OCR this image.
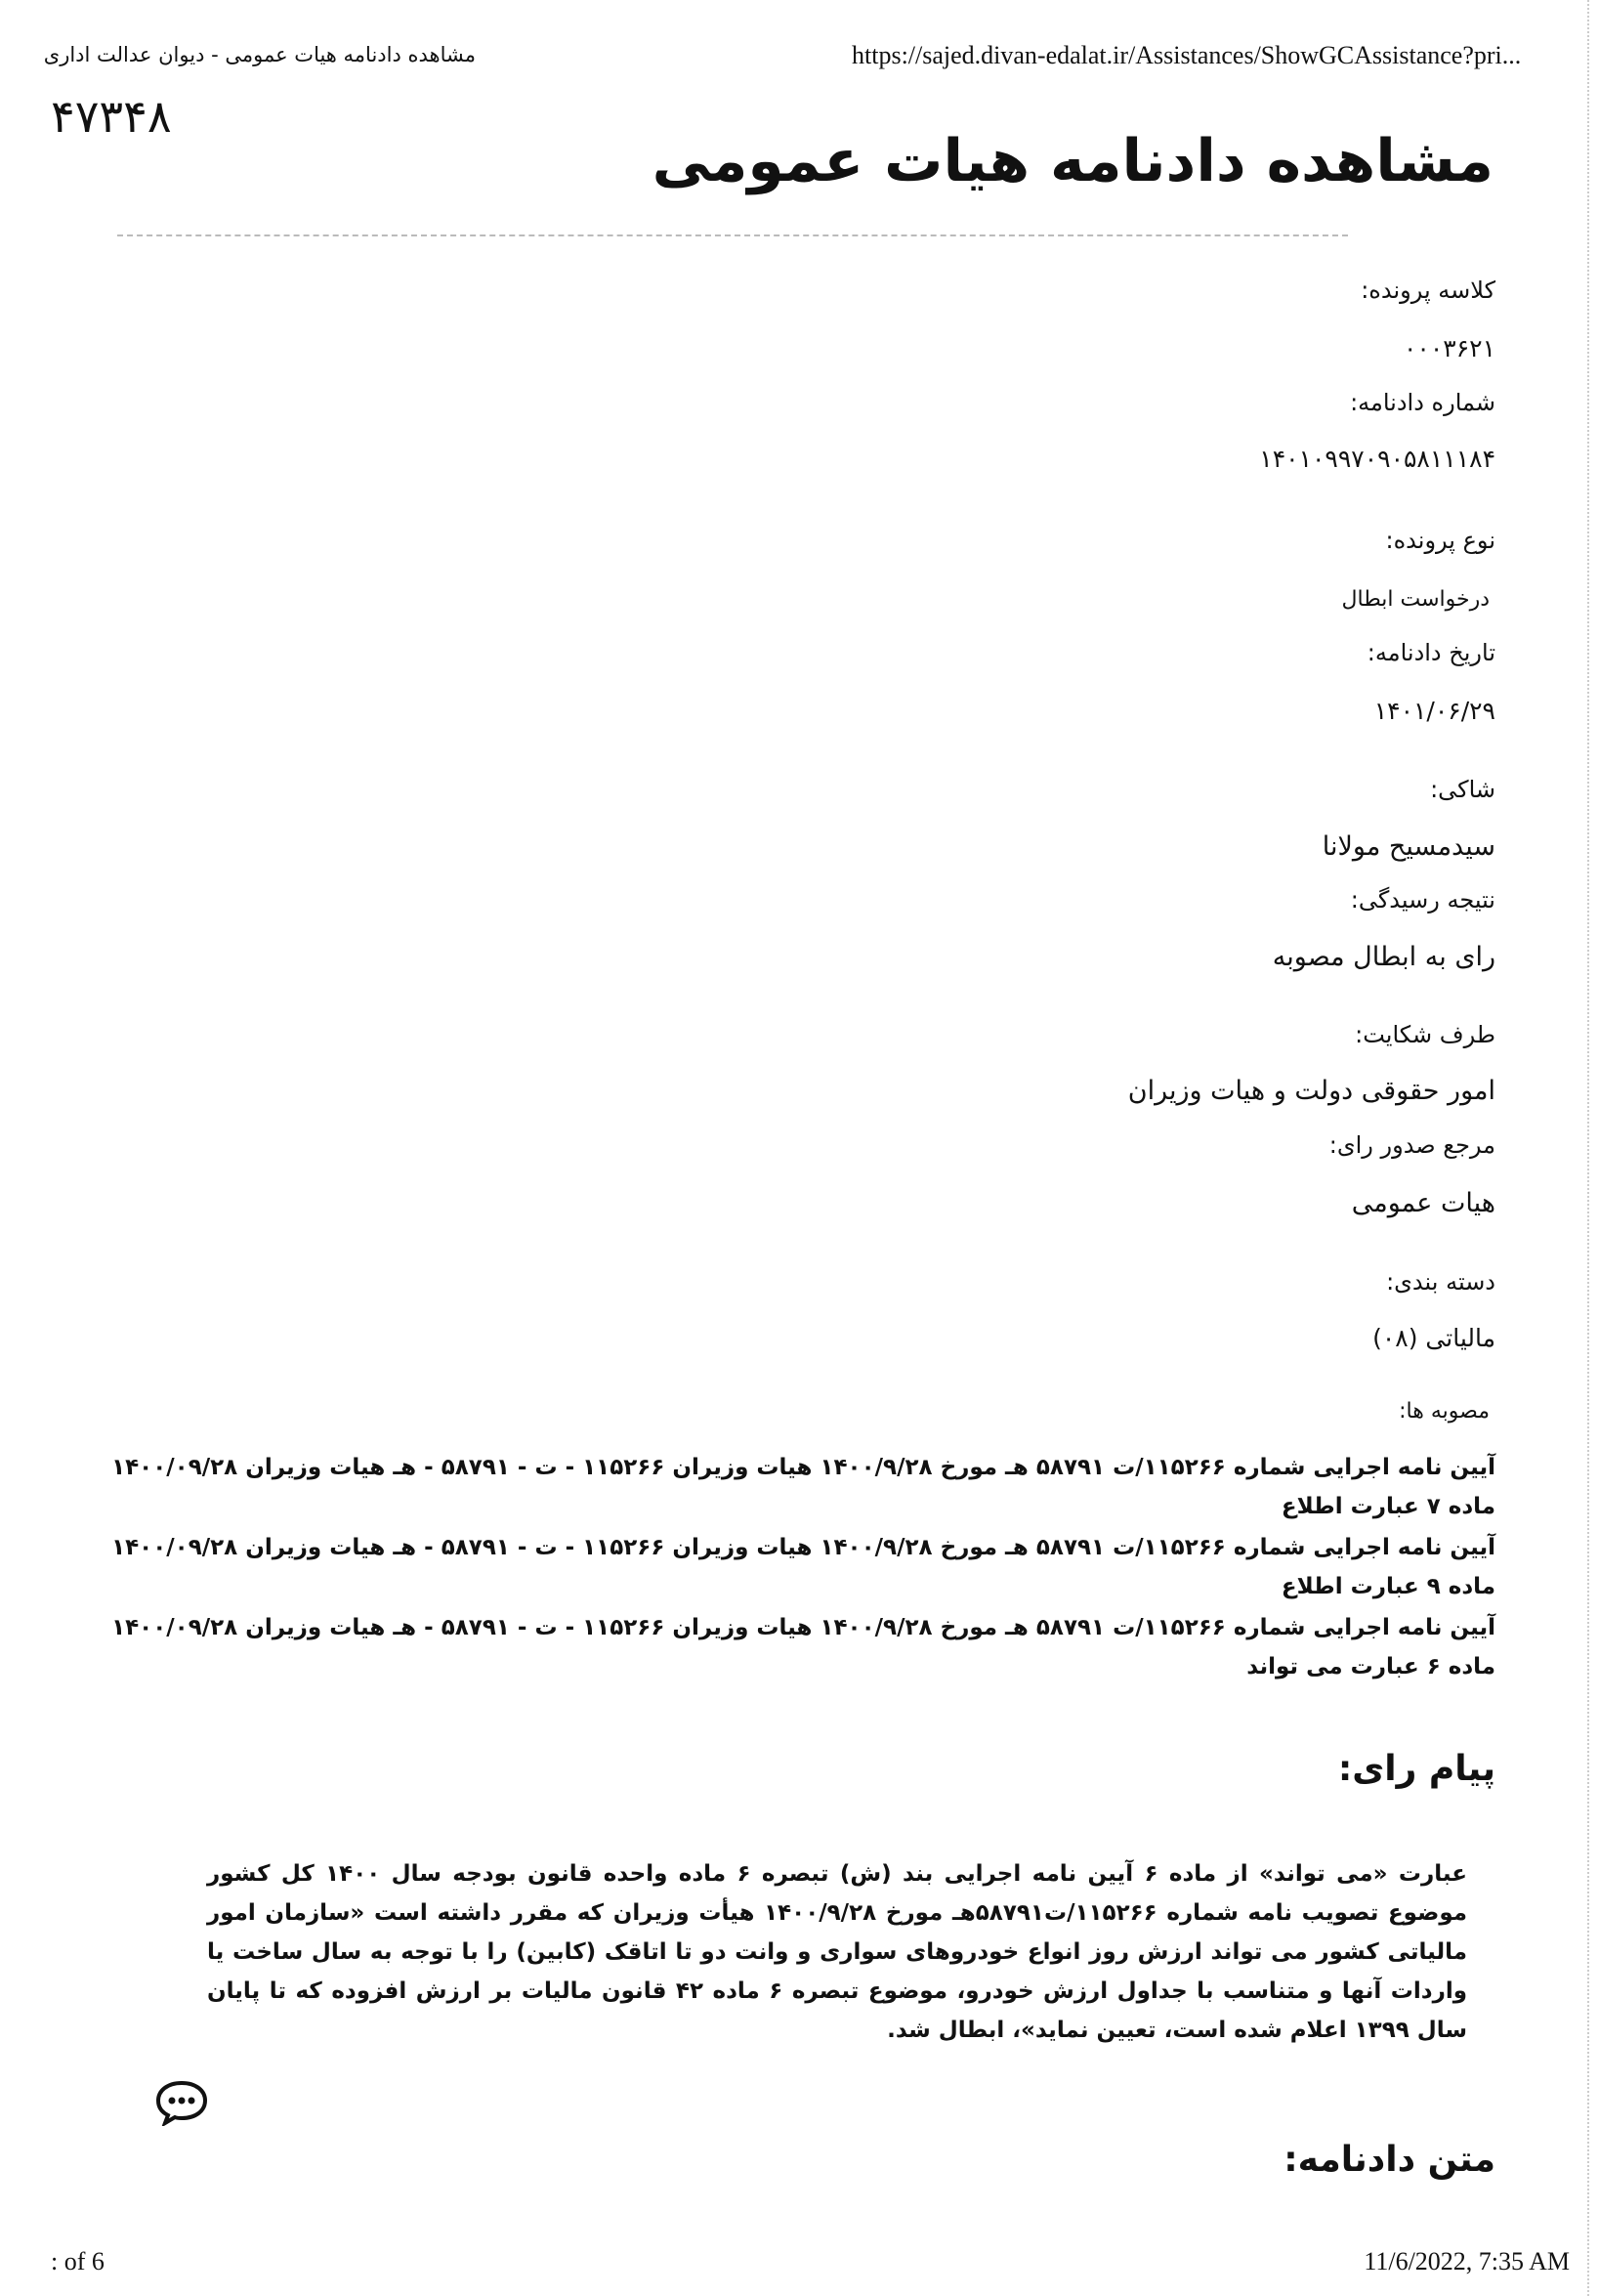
مشاهده دادنامه هیات عمومی - دیوان عدالت اداری	https://sajed.divan-edalat.ir/Assistances/ShowGCAssistance?pri...
۴۷۳۴۸
مشاهده دادنامه هیات عمومی
کلاسه پرونده:
۰۰۰۳۶۲۱
شماره دادنامه:
۱۴۰۱۰۹۹۷۰۹۰۵۸۱۱۱۸۴
نوع پرونده:
درخواست ابطال
تاریخ دادنامه:
۱۴۰۱/۰۶/۲۹
شاکی:
سیدمسیح مولانا
نتیجه رسیدگی:
رای به ابطال مصوبه
طرف شکایت:
امور حقوقی دولت و هیات وزیران
مرجع صدور رای:
هیات عمومی
دسته بندی:
مالیاتی (۰۸)
مصوبه ها:
آیین نامه اجرایی شماره ۱۱۵۲۶۶/ت ۵۸۷۹۱ هـ مورخ ۱۴۰۰/۹/۲۸ هیات وزیران ۱۱۵۲۶۶ - ت - ۵۸۷۹۱ - هـ هیات وزیران ۱۴۰۰/۰۹/۲۸
ماده ۷ عبارت اطلاع
آیین نامه اجرایی شماره ۱۱۵۲۶۶/ت ۵۸۷۹۱ هـ مورخ ۱۴۰۰/۹/۲۸ هیات وزیران ۱۱۵۲۶۶ - ت - ۵۸۷۹۱ - هـ هیات وزیران ۱۴۰۰/۰۹/۲۸
ماده ۹ عبارت اطلاع
آیین نامه اجرایی شماره ۱۱۵۲۶۶/ت ۵۸۷۹۱ هـ مورخ ۱۴۰۰/۹/۲۸ هیات وزیران ۱۱۵۲۶۶ - ت - ۵۸۷۹۱ - هـ هیات وزیران ۱۴۰۰/۰۹/۲۸
ماده ۶ عبارت می تواند
پیام رای:
عبارت «می تواند» از ماده ۶ آیین نامه اجرایی بند (ش) تبصره ۶ ماده واحده قانون بودجه سال ۱۴۰۰ کل کشور موضوع تصویب نامه شماره ۱۱۵۲۶۶/ت۵۸۷۹۱هـ مورخ ۱۴۰۰/۹/۲۸ هیأت وزیران که مقرر داشته است «سازمان امور مالیاتی کشور می تواند ارزش روز انواع خودروهای سواری و وانت دو تا اتاقک (کابین) را با توجه به سال ساخت یا واردات آنها و متناسب با جداول ارزش خودرو، موضوع تبصره ۶ ماده ۴۲ قانون مالیات بر ارزش افزوده که تا پایان سال ۱۳۹۹ اعلام شده است، تعیین نماید»، ابطال شد.
متن دادنامه:
: of 6	11/6/2022, 7:35 AM
